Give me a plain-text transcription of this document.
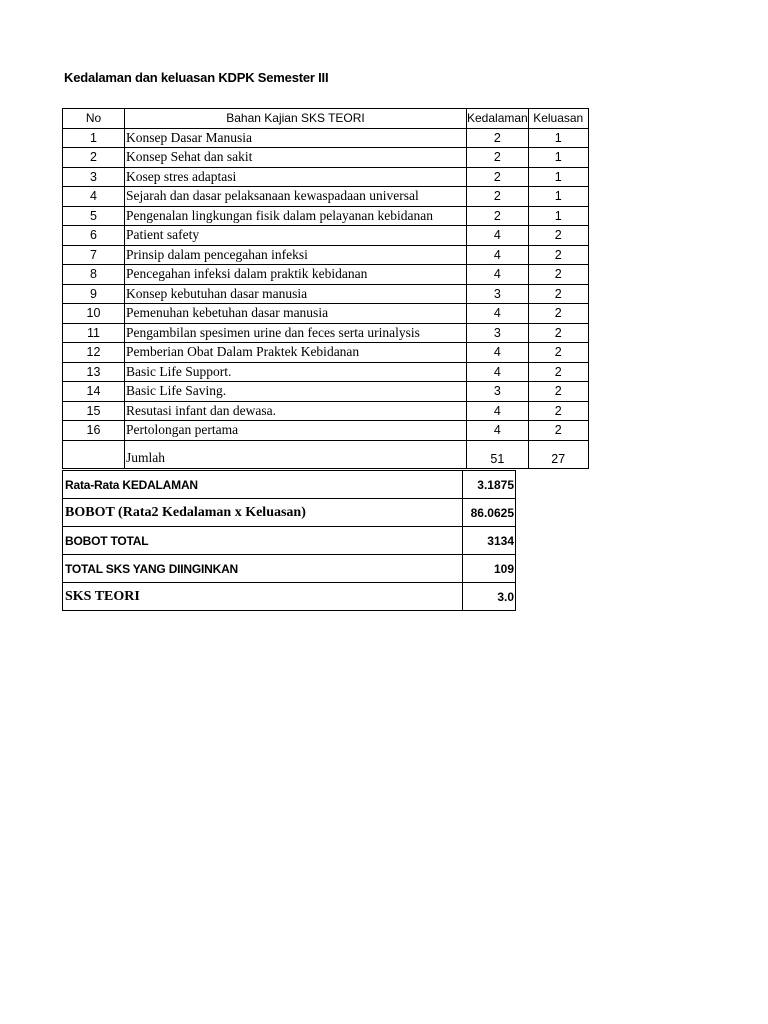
Kedalaman dan keluasan KDPK Semester III
No	Bahan Kajian SKS TEORI	Kedalaman	Keluasan
1	Konsep Dasar Manusia	2	1
2	Konsep Sehat dan sakit	2	1
3	Kosep stres adaptasi	2	1
4	Sejarah dan dasar pelaksanaan kewaspadaan universal	2	1
5	Pengenalan lingkungan fisik dalam pelayanan kebidanan	2	1
6	Patient safety	4	2
7	Prinsip dalam pencegahan infeksi	4	2
8	Pencegahan infeksi dalam praktik kebidanan	4	2
9	Konsep kebutuhan dasar manusia	3	2
10	Pemenuhan kebetuhan dasar manusia	4	2
11	Pengambilan spesimen urine dan feces serta urinalysis	3	2
12	Pemberian Obat Dalam Praktek Kebidanan	4	2
13	Basic Life Support.	4	2
14	Basic Life Saving.	3	2
15	Resutasi infant dan dewasa.	4	2
16	Pertolongan pertama	4	2
	Jumlah	51	27
Rata-Rata KEDALAMAN	3.1875
BOBOT (Rata2 Kedalaman x Keluasan)	86.0625
BOBOT TOTAL	3134
TOTAL SKS YANG DIINGINKAN	109
SKS TEORI	3.0
